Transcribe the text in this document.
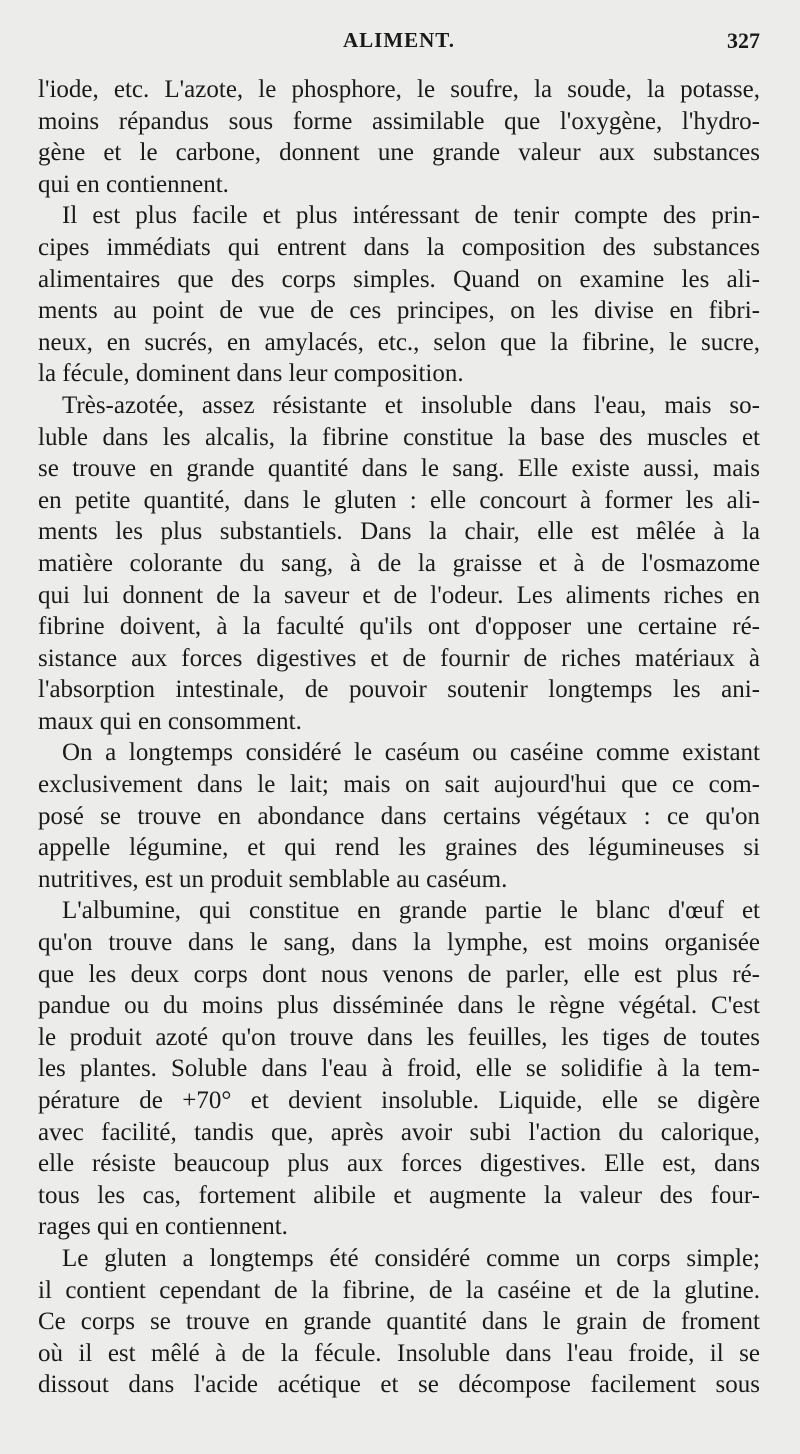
ALIMENT.	327
l'iode, etc. L'azote, le phosphore, le soufre, la soude, la potasse,
moins répandus sous forme assimilable que l'oxygène, l'hydro-
gène et le carbone, donnent une grande valeur aux substances
qui en contiennent.
Il est plus facile et plus intéressant de tenir compte des prin-
cipes immédiats qui entrent dans la composition des substances
alimentaires que des corps simples. Quand on examine les ali-
ments au point de vue de ces principes, on les divise en fibri-
neux, en sucrés, en amylacés, etc., selon que la fibrine, le sucre,
la fécule, dominent dans leur composition.
Très-azotée, assez résistante et insoluble dans l'eau, mais so-
luble dans les alcalis, la fibrine constitue la base des muscles et
se trouve en grande quantité dans le sang. Elle existe aussi, mais
en petite quantité, dans le gluten : elle concourt à former les ali-
ments les plus substantiels. Dans la chair, elle est mêlée à la
matière colorante du sang, à de la graisse et à de l'osmazome
qui lui donnent de la saveur et de l'odeur. Les aliments riches en
fibrine doivent, à la faculté qu'ils ont d'opposer une certaine ré-
sistance aux forces digestives et de fournir de riches matériaux à
l'absorption intestinale, de pouvoir soutenir longtemps les ani-
maux qui en consomment.
On a longtemps considéré le caséum ou caséine comme existant
exclusivement dans le lait; mais on sait aujourd'hui que ce com-
posé se trouve en abondance dans certains végétaux : ce qu'on
appelle légumine, et qui rend les graines des légumineuses si
nutritives, est un produit semblable au caséum.
L'albumine, qui constitue en grande partie le blanc d'œuf et
qu'on trouve dans le sang, dans la lymphe, est moins organisée
que les deux corps dont nous venons de parler, elle est plus ré-
pandue ou du moins plus disséminée dans le règne végétal. C'est
le produit azoté qu'on trouve dans les feuilles, les tiges de toutes
les plantes. Soluble dans l'eau à froid, elle se solidifie à la tem-
pérature de +70° et devient insoluble. Liquide, elle se digère
avec facilité, tandis que, après avoir subi l'action du calorique,
elle résiste beaucoup plus aux forces digestives. Elle est, dans
tous les cas, fortement alibile et augmente la valeur des four-
rages qui en contiennent.
Le gluten a longtemps été considéré comme un corps simple;
il contient cependant de la fibrine, de la caséine et de la glutine.
Ce corps se trouve en grande quantité dans le grain de froment
où il est mêlé à de la fécule. Insoluble dans l'eau froide, il se
dissout dans l'acide acétique et se décompose facilement sous
